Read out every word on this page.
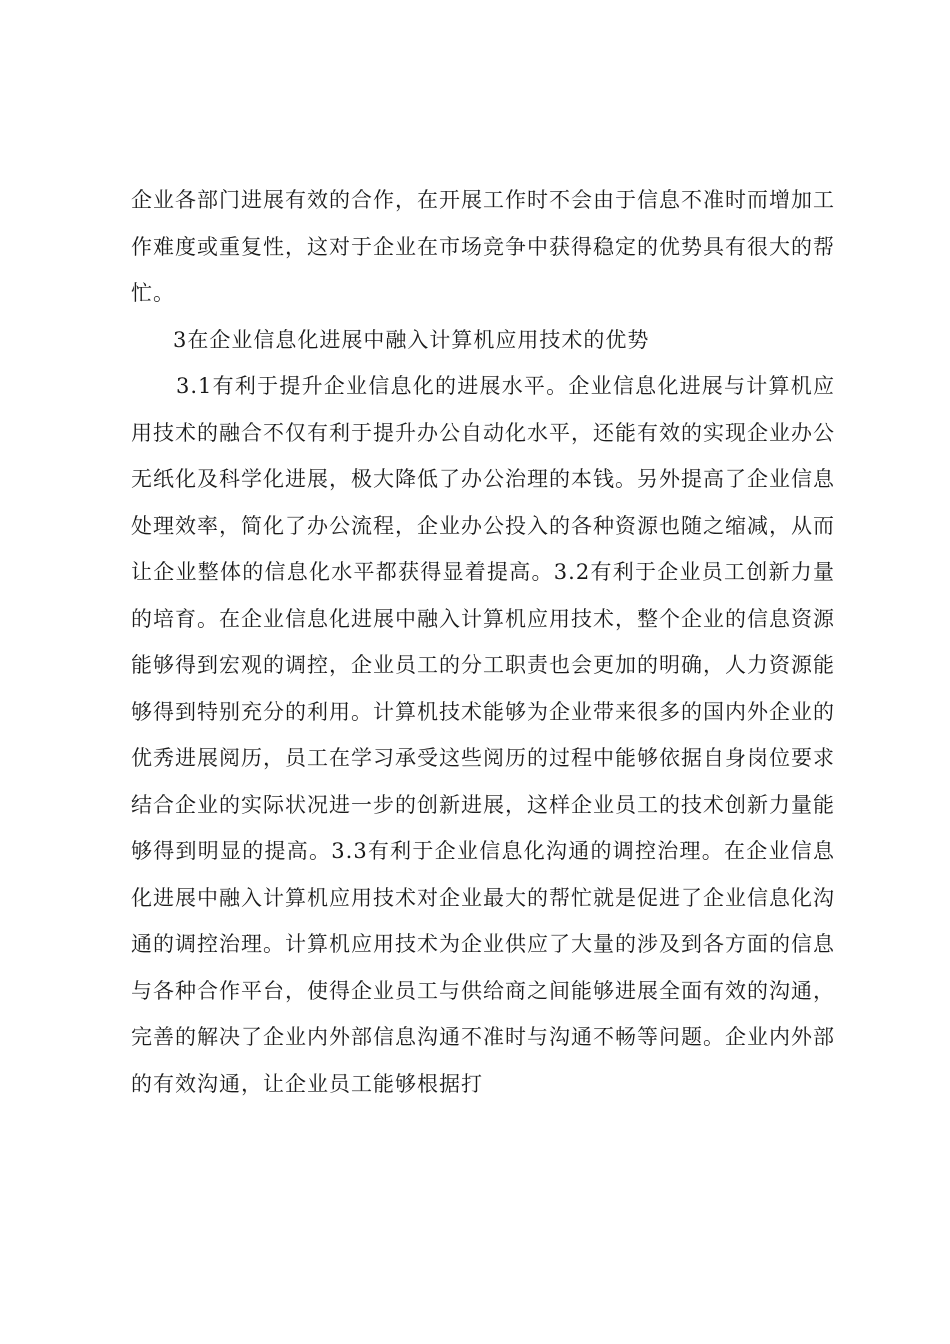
企业各部门进展有效的合作，在开展工作时不会由于信息不准时而增加工作难度或重复性，这对于企业在市场竞争中获得稳定的优势具有很大的帮忙。

3在企业信息化进展中融入计算机应用技术的优势

3.1有利于提升企业信息化的进展水平。企业信息化进展与计算机应用技术的融合不仅有利于提升办公自动化水平，还能有效的实现企业办公无纸化及科学化进展，极大降低了办公治理的本钱。另外提高了企业信息处理效率，简化了办公流程，企业办公投入的各种资源也随之缩减，从而让企业整体的信息化水平都获得显着提高。3.2有利于企业员工创新力量的培育。在企业信息化进展中融入计算机应用技术，整个企业的信息资源能够得到宏观的调控，企业员工的分工职责也会更加的明确，人力资源能够得到特别充分的利用。计算机技术能够为企业带来很多的国内外企业的优秀进展阅历，员工在学习承受这些阅历的过程中能够依据自身岗位要求结合企业的实际状况进一步的创新进展，这样企业员工的技术创新力量能够得到明显的提高。3.3有利于企业信息化沟通的调控治理。在企业信息化进展中融入计算机应用技术对企业最大的帮忙就是促进了企业信息化沟通的调控治理。计算机应用技术为企业供应了大量的涉及到各方面的信息与各种合作平台，使得企业员工与供给商之间能够进展全面有效的沟通，完善的解决了企业内外部信息沟通不准时与沟通不畅等问题。企业内外部的有效沟通，让企业员工能够根据打
